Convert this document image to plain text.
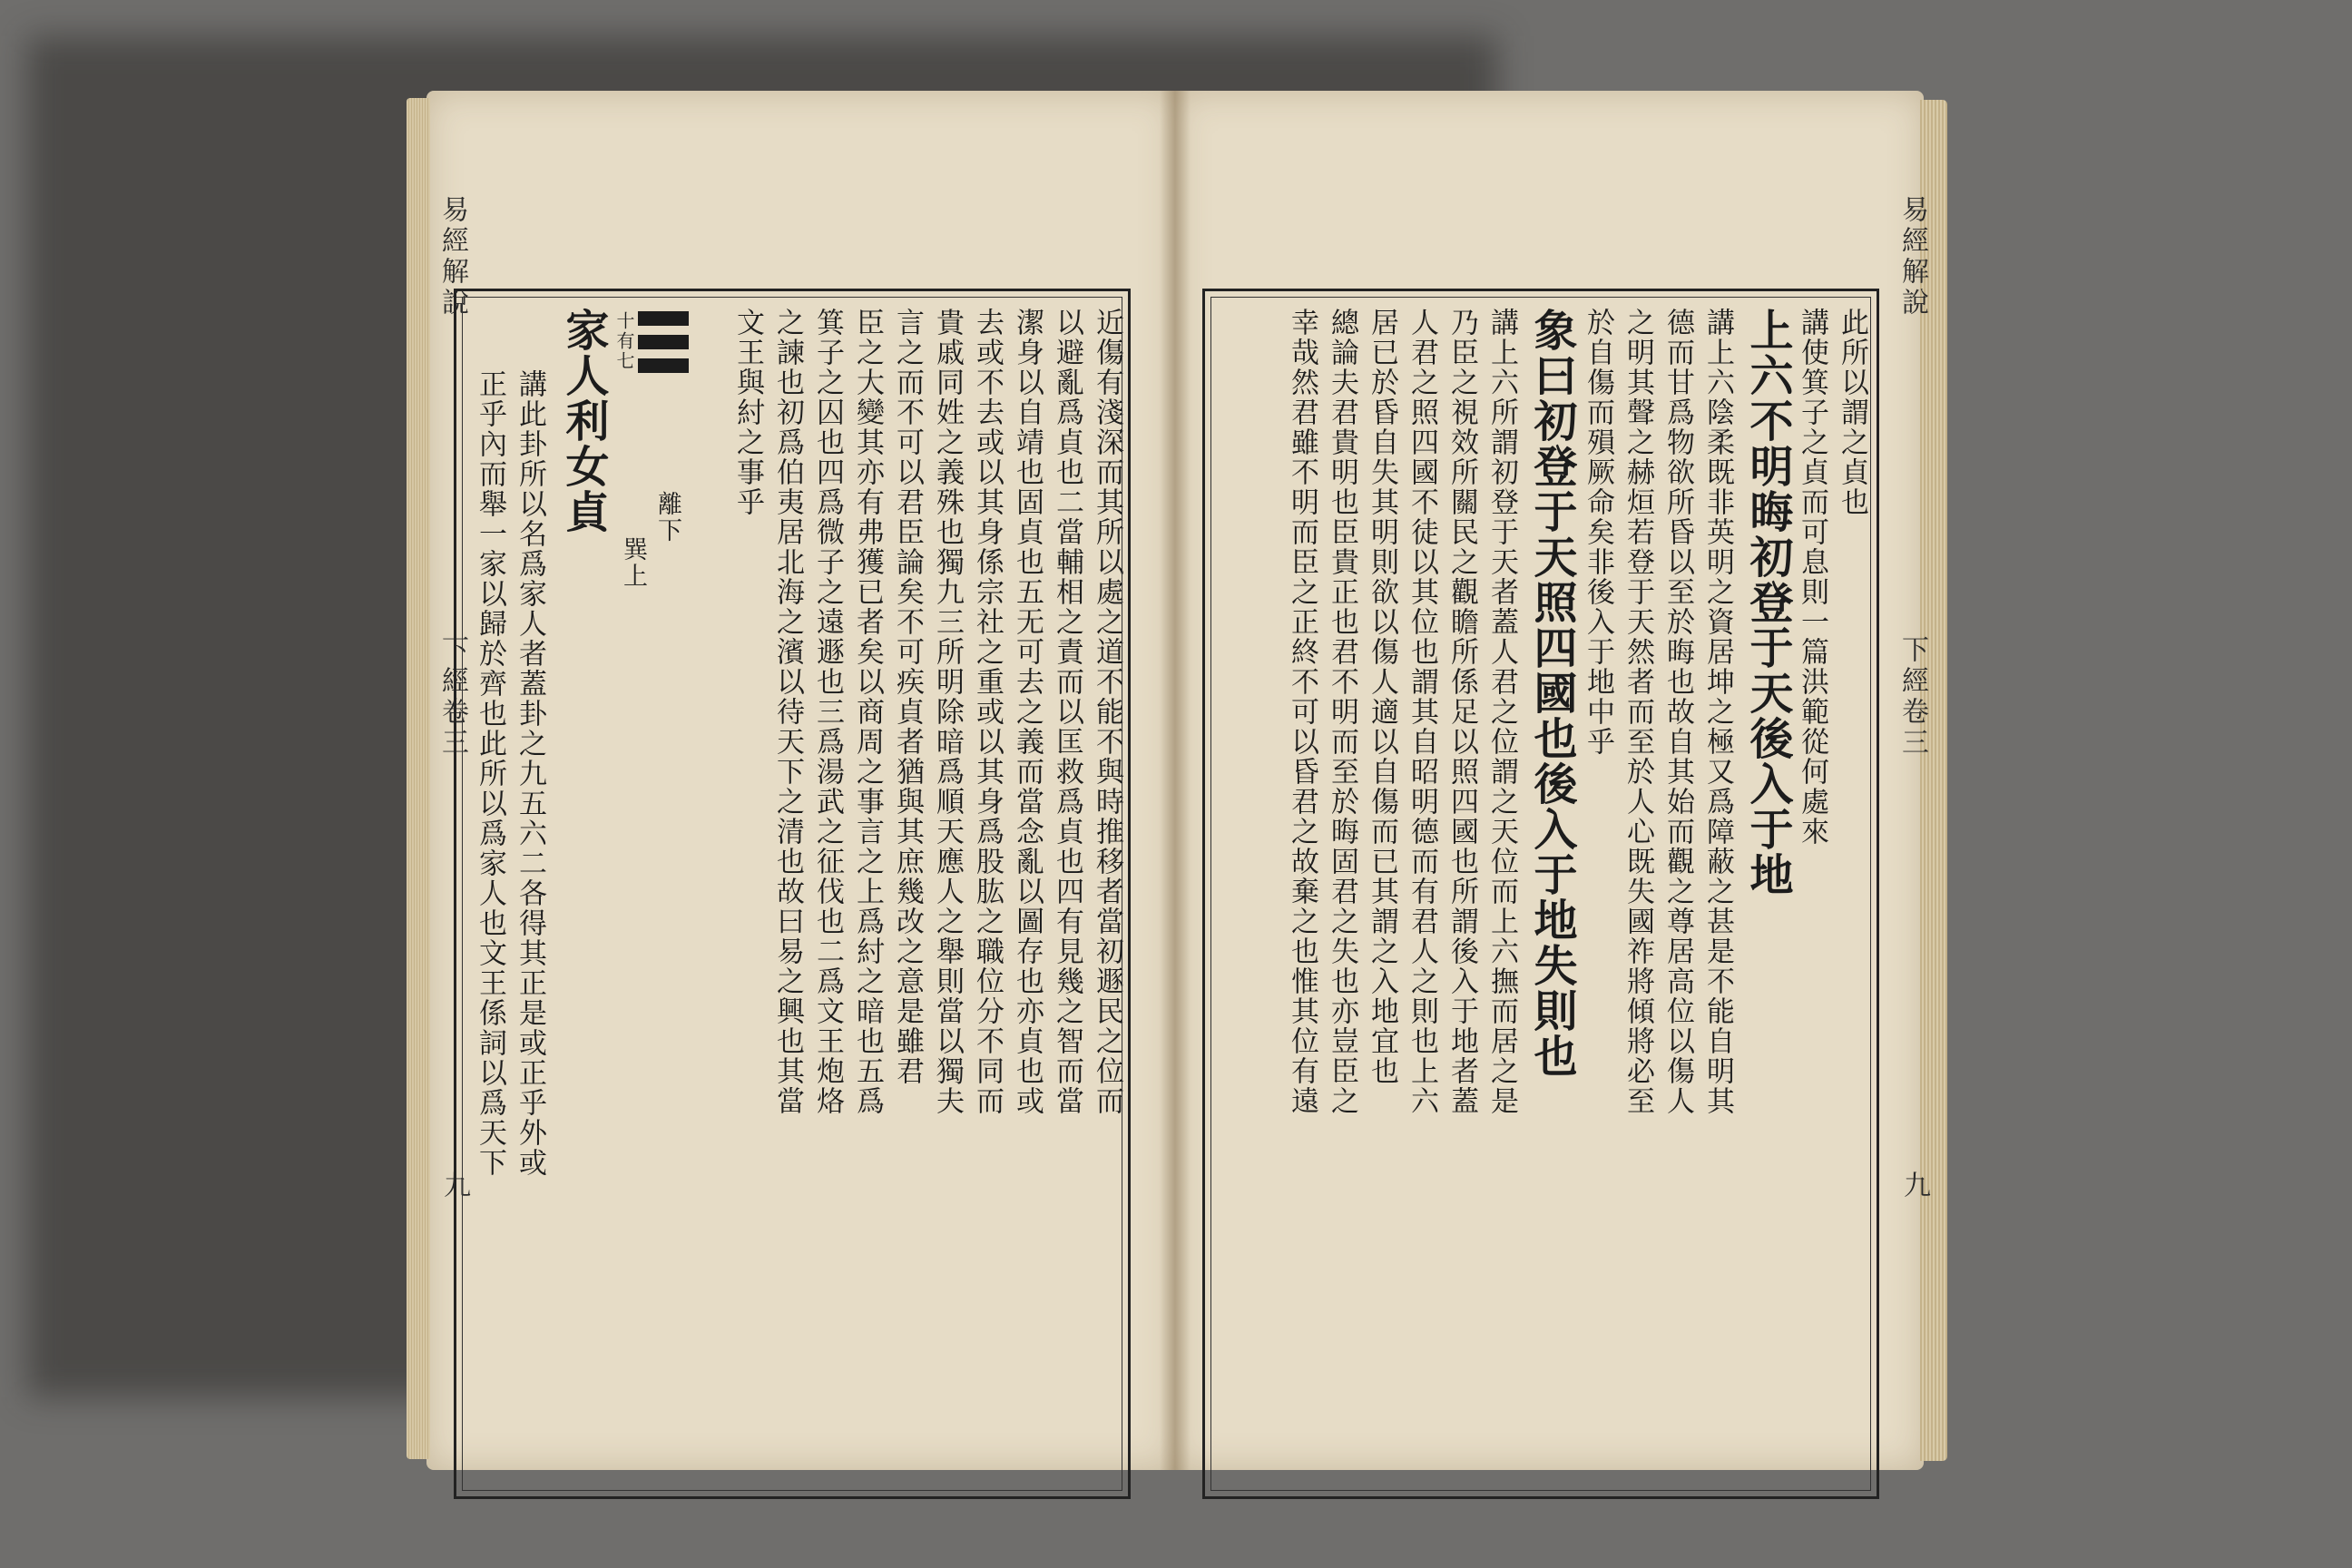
易經解說
下經卷三
九
近傷有淺深而其所以處之道不能不與時推移者當初遯民之位而
以避亂爲貞也二當輔相之責而以匡救爲貞也四有見幾之智而當
潔身以自靖也固貞也五无可去之義而當念亂以圖存也亦貞也或
去或不去或以其身係宗社之重或以其身爲股肱之職位分不同而
貴戚同姓之義殊也獨九三所明除暗爲順天應人之舉則當以獨夫
言之而不可以君臣論矣不可疾貞者猶與其庶幾改之意是雖君
臣之大變其亦有弗獲已者矣以商周之事言之上爲紂之暗也五爲
箕子之囚也四爲微子之遠遯也三爲湯武之征伐也二爲文王炮烙
之諫也初爲伯夷居北海之濱以待天下之清也故曰易之興也其當
文王與紂之事乎
十有七
離下
巽上
家人利女貞
講此卦所以名爲家人者蓋卦之九五六二各得其正是或正乎外或
正乎內而舉一家以歸於齊也此所以爲家人也文王係詞以爲天下
易經解說
下經卷三
九
此所以謂之貞也
講使箕子之貞而可息則一篇洪範從何處來
上六不明晦初登于天後入于地
講上六陰柔既非英明之資居坤之極又爲障蔽之甚是不能自明其
德而甘爲物欲所昏以至於晦也故自其始而觀之尊居高位以傷人
之明其聲之赫烜若登于天然者而至於人心既失國祚將傾將必至
於自傷而殞厥命矣非後入于地中乎
象曰初登于天照四國也後入于地失則也
講上六所謂初登于天者蓋人君之位謂之天位而上六撫而居之是
乃臣之視效所關民之觀瞻所係足以照四國也所謂後入于地者蓋
人君之照四國不徒以其位也謂其自昭明德而有君人之則也上六
居已於昏自失其明則欲以傷人適以自傷而已其謂之入地宜也
總論夫君貴明也臣貴正也君不明而至於晦固君之失也亦豈臣之
幸哉然君雖不明而臣之正終不可以昏君之故棄之也惟其位有遠
